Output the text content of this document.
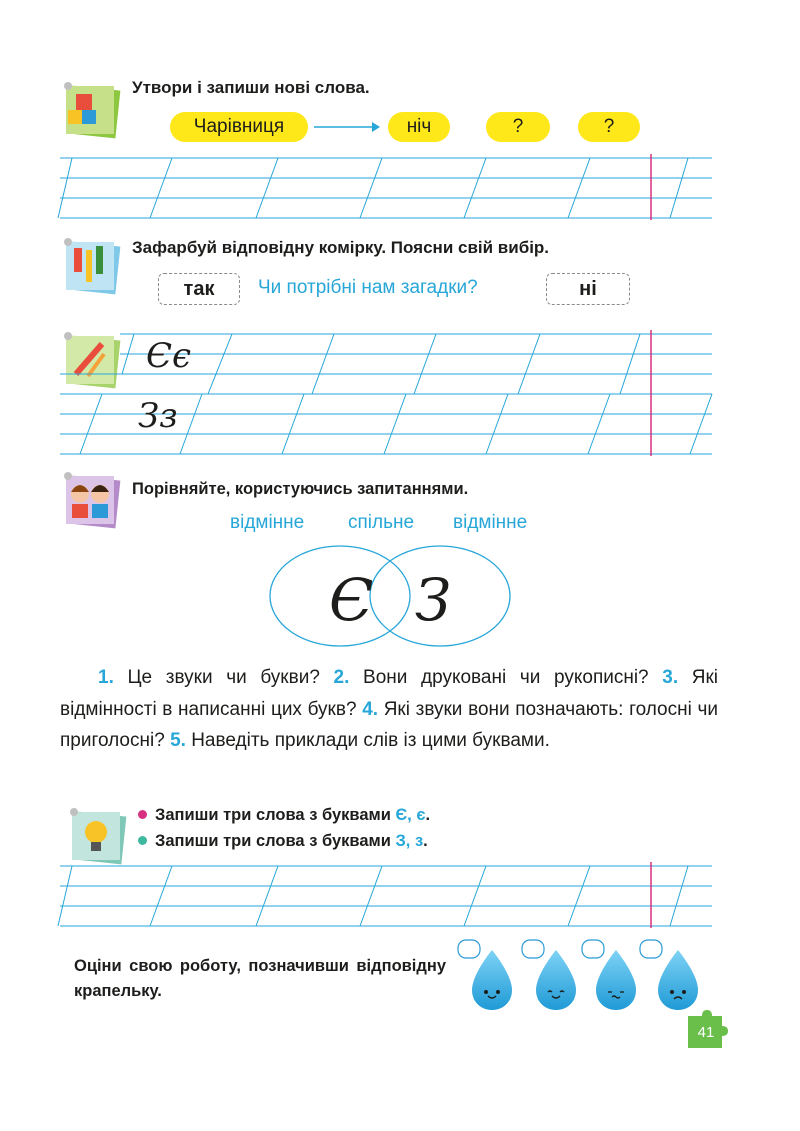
Утвори і запиши нові слова.
Чарівниця	ніч	?	?
Зафарбуй відповідну комірку. Поясни свій вибір.
так	Чи потрібні нам загадки?	ні
Єє
Зз
Порівняйте, користуючись запитаннями.
відмінне спільне відмінне
Є З
1. Це звуки чи букви? 2. Вони друковані чи рукописні? 3. Які відмінності в написанні цих букв? 4. Які звуки вони позначають: голосні чи приголосні? 5. Наведіть приклади слів із цими буквами.
Запиши три слова з буквами Є, є.
Запиши три слова з буквами З, з.
Оціни свою роботу, позначивши відповідну крапельку.
41
